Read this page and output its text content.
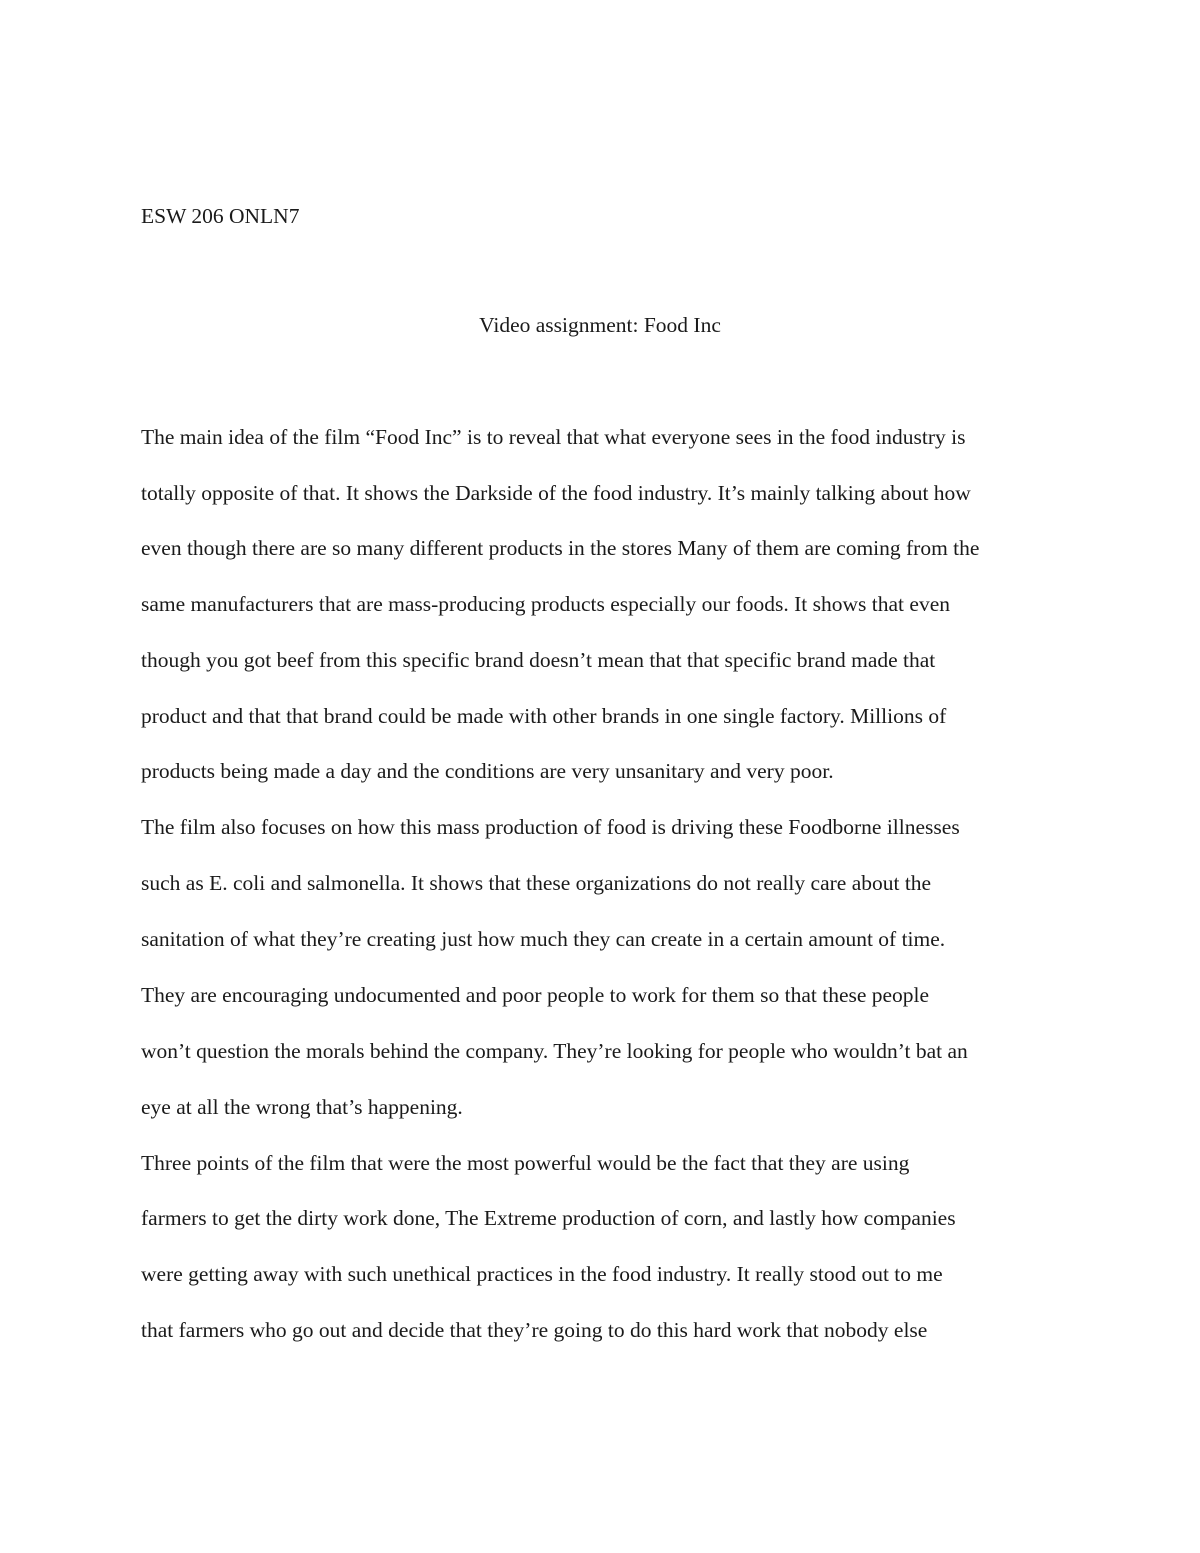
ESW 206 ONLN7
Video assignment: Food Inc
The main idea of the film “Food Inc” is to reveal that what everyone sees in the food industry is
totally opposite of that. It shows the Darkside of the food industry. It’s mainly talking about how
even though there are so many different products in the stores Many of them are coming from the
same manufacturers that are mass-producing products especially our foods. It shows that even
though you got beef from this specific brand doesn’t mean that that specific brand made that
product and that that brand could be made with other brands in one single factory. Millions of
products being made a day and the conditions are very unsanitary and very poor.
The film also focuses on how this mass production of food is driving these Foodborne illnesses
such as E. coli and salmonella. It shows that these organizations do not really care about the
sanitation of what they’re creating just how much they can create in a certain amount of time.
They are encouraging undocumented and poor people to work for them so that these people
won’t question the morals behind the company. They’re looking for people who wouldn’t bat an
eye at all the wrong that’s happening.
Three points of the film that were the most powerful would be the fact that they are using
farmers to get the dirty work done, The Extreme production of corn, and lastly how companies
were getting away with such unethical practices in the food industry. It really stood out to me
that farmers who go out and decide that they’re going to do this hard work that nobody else
